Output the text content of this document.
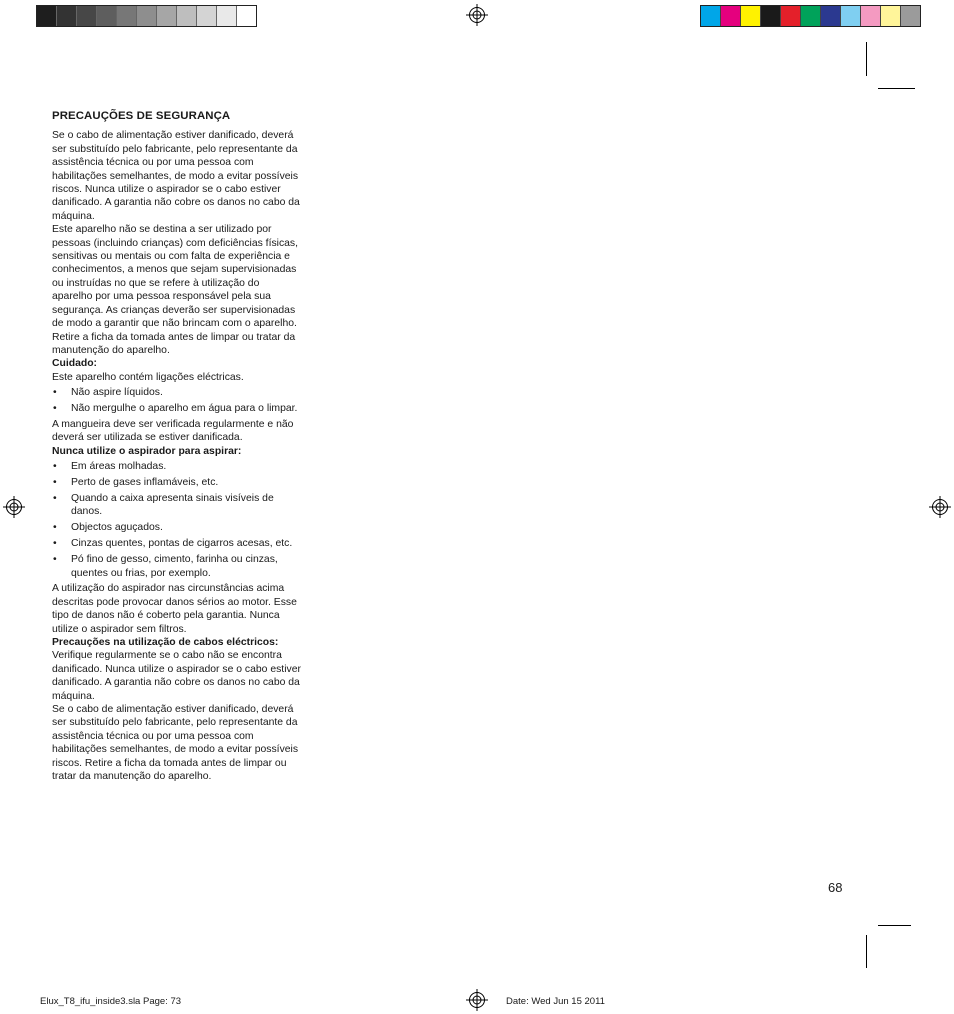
PRECAUÇÕES DE SEGURANÇA

Se o cabo de alimentação estiver danificado, deverá ser substituído pelo fabricante, pelo representante da assistência técnica ou por uma pessoa com habilitações semelhantes, de modo a evitar possíveis riscos. Nunca utilize o aspirador se o cabo estiver danificado. A garantia não cobre os danos no cabo da máquina.

Este aparelho não se destina a ser utilizado por pessoas (incluindo crianças) com deficiências físicas, sensitivas ou mentais ou com falta de experiência e conhecimentos, a menos que sejam supervisionadas ou instruídas no que se refere à utilização do aparelho por uma pessoa responsável pela sua segurança. As crianças deverão ser supervisionadas de modo a garantir que não brincam com o aparelho.

Retire a ficha da tomada antes de limpar ou tratar da manutenção do aparelho.

Cuidado:

Este aparelho contém ligações eléctricas.

• Não aspire líquidos.
• Não mergulhe o aparelho em água para o limpar.

A mangueira deve ser verificada regularmente e não deverá ser utilizada se estiver danificada.

Nunca utilize o aspirador para aspirar:

• Em áreas molhadas.
• Perto de gases inflamáveis, etc.
• Quando a caixa apresenta sinais visíveis de danos.
• Objectos aguçados.
• Cinzas quentes, pontas de cigarros acesas, etc.
• Pó fino de gesso, cimento, farinha ou cinzas, quentes ou frias, por exemplo.

A utilização do aspirador nas circunstâncias acima descritas pode provocar danos sérios ao motor. Esse tipo de danos não é coberto pela garantia. Nunca utilize o aspirador sem filtros.

Precauções na utilização de cabos eléctricos:

Verifique regularmente se o cabo não se encontra danificado. Nunca utilize o aspirador se o cabo estiver danificado. A garantia não cobre os danos no cabo da máquina.

Se o cabo de alimentação estiver danificado, deverá ser substituído pelo fabricante, pelo representante da assistência técnica ou por uma pessoa com habilitações semelhantes, de modo a evitar possíveis riscos. Retire a ficha da tomada antes de limpar ou tratar da manutenção do aparelho.

68
Elux_T8_ifu_inside3.sla Page: 73	Date: Wed Jun 15 2011
